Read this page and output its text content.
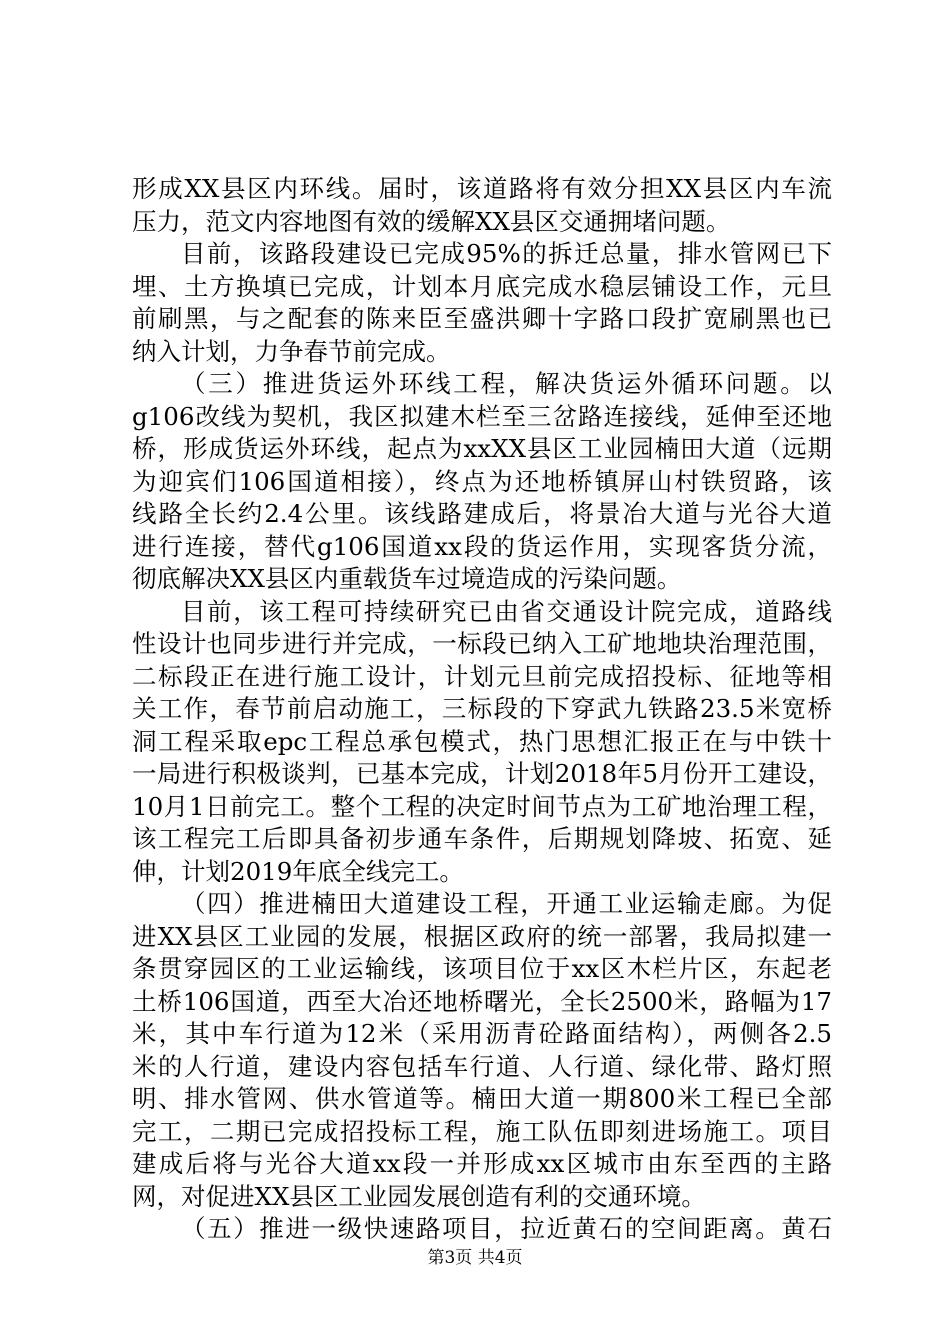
形成XX县区内环线。届时，该道路将有效分担XX县区内车流
压力，范文内容地图有效的缓解XX县区交通拥堵问题。
目前，该路段建设已完成95%的拆迁总量，排水管网已下
埋、土方换填已完成，计划本月底完成水稳层铺设工作，元旦
前刷黑，与之配套的陈来臣至盛洪卿十字路口段扩宽刷黑也已
纳入计划，力争春节前完成。
（三）推进货运外环线工程，解决货运外循环问题。以
g106改线为契机，我区拟建木栏至三岔路连接线，延伸至还地
桥，形成货运外环线，起点为xxXX县区工业园楠田大道（远期
为迎宾们106国道相接），终点为还地桥镇屏山村铁贸路，该
线路全长约2.4公里。该线路建成后，将景冶大道与光谷大道
进行连接，替代g106国道xx段的货运作用，实现客货分流，
彻底解决XX县区内重载货车过境造成的污染问题。
目前，该工程可持续研究已由省交通设计院完成，道路线
性设计也同步进行并完成，一标段已纳入工矿地地块治理范围，
二标段正在进行施工设计，计划元旦前完成招投标、征地等相
关工作，春节前启动施工，三标段的下穿武九铁路23.5米宽桥
洞工程采取epc工程总承包模式，热门思想汇报正在与中铁十
一局进行积极谈判，已基本完成，计划2018年5月份开工建设，
10月1日前完工。整个工程的决定时间节点为工矿地治理工程，
该工程完工后即具备初步通车条件，后期规划降坡、拓宽、延
伸，计划2019年底全线完工。
（四）推进楠田大道建设工程，开通工业运输走廊。为促
进XX县区工业园的发展，根据区政府的统一部署，我局拟建一
条贯穿园区的工业运输线，该项目位于xx区木栏片区，东起老
土桥106国道，西至大冶还地桥曙光，全长2500米，路幅为17
米，其中车行道为12米（采用沥青砼路面结构），两侧各2.5
米的人行道，建设内容包括车行道、人行道、绿化带、路灯照
明、排水管网、供水管道等。楠田大道一期800米工程已全部
完工，二期已完成招投标工程，施工队伍即刻进场施工。项目
建成后将与光谷大道xx段一并形成xx区城市由东至西的主路
网，对促进XX县区工业园发展创造有利的交通环境。
（五）推进一级快速路项目，拉近黄石的空间距离。黄石
第3页 共4页
